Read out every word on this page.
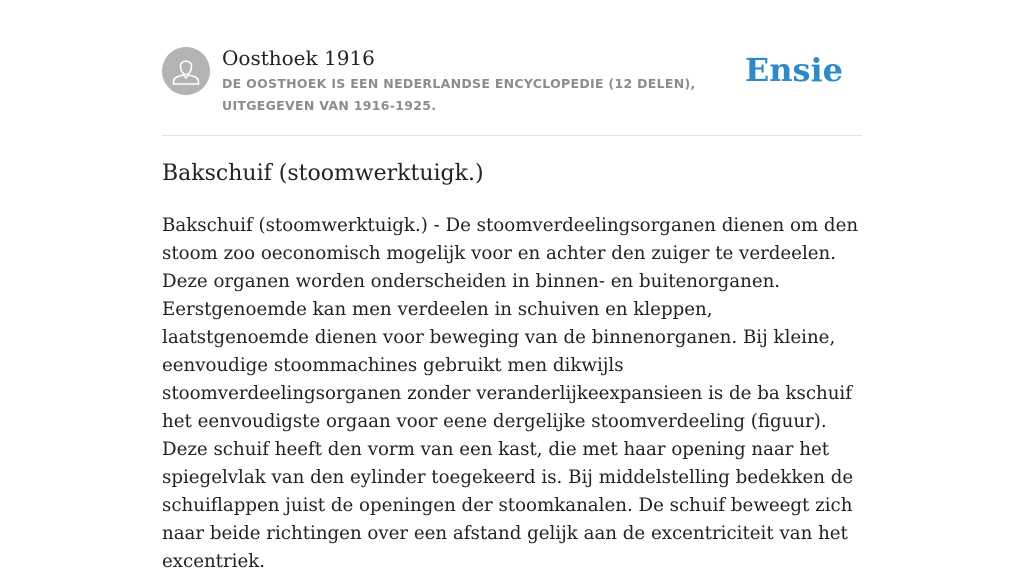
Oosthoek 1916
DE OOSTHOEK IS EEN NEDERLANDSE ENCYCLOPEDIE (12 DELEN), UITGEGEVEN VAN 1916-1925.
Ensie
Bakschuif (stoomwerktuigk.)

Bakschuif (stoomwerktuigk.) - De stoomverdeelingsorganen dienen om den stoom zoo oeconomisch mogelijk voor en achter den zuiger te verdeelen. Deze organen worden onderscheiden in binnen- en buitenorganen. Eerstgenoemde kan men verdeelen in schuiven en kleppen, laatstgenoemde dienen voor beweging van de binnenorganen. Bij kleine, eenvoudige stoommachines gebruikt men dikwijls stoomverdeelingsorganen zonder veranderlijkeexpansieen is de ba kschuif het eenvoudigste orgaan voor eene dergelijke stoomverdeeling (figuur). Deze schuif heeft den vorm van een kast, die met haar opening naar het spiegelvlak van den eylinder toegekeerd is. Bij middelstelling bedekken de schuiflappen juist de openingen der stoomkanalen. De schuif beweegt zich naar beide richtingen over een afstand gelijk aan de excentriciteit van het excentriek.
